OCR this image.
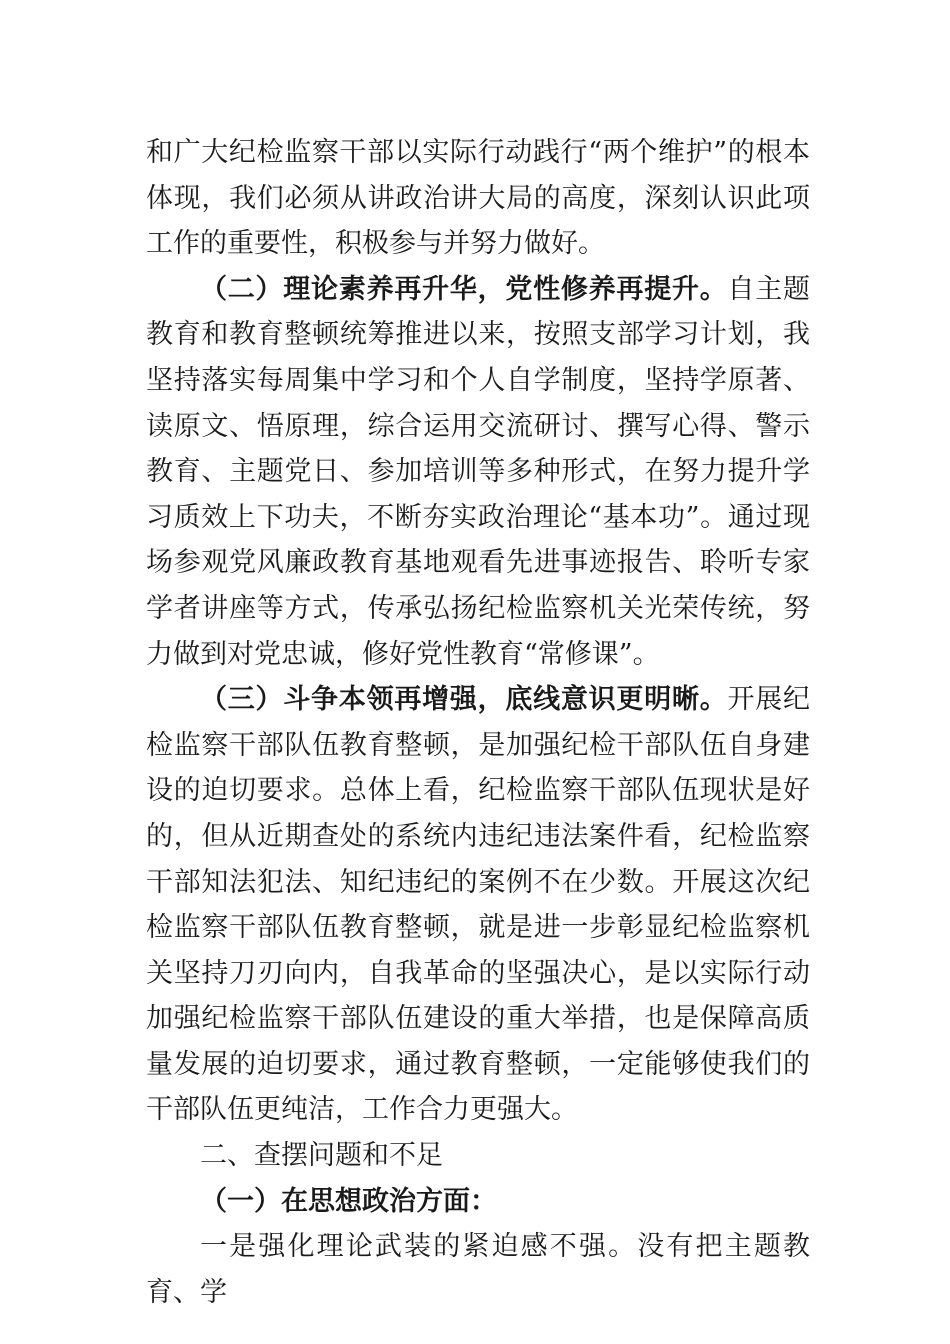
和广大纪检监察干部以实际行动践行“两个维护”的根本体现，我们必须从讲政治讲大局的高度，深刻认识此项工作的重要性，积极参与并努力做好。

（二）理论素养再升华，党性修养再提升。自主题教育和教育整顿统筹推进以来，按照支部学习计划，我坚持落实每周集中学习和个人自学制度，坚持学原著、读原文、悟原理，综合运用交流研讨、撰写心得、警示教育、主题党日、参加培训等多种形式，在努力提升学习质效上下功夫，不断夯实政治理论“基本功”。通过现场参观党风廉政教育基地观看先进事迹报告、聆听专家学者讲座等方式，传承弘扬纪检监察机关光荣传统，努力做到对党忠诚，修好党性教育“常修课”。

（三）斗争本领再增强，底线意识更明晰。开展纪检监察干部队伍教育整顿，是加强纪检干部队伍自身建设的迫切要求。总体上看，纪检监察干部队伍现状是好的，但从近期查处的系统内违纪违法案件看，纪检监察干部知法犯法、知纪违纪的案例不在少数。开展这次纪检监察干部队伍教育整顿，就是进一步彰显纪检监察机关坚持刀刃向内，自我革命的坚强决心，是以实际行动加强纪检监察干部队伍建设的重大举措，也是保障高质量发展的迫切要求，通过教育整顿，一定能够使我们的干部队伍更纯洁，工作合力更强大。

二、查摆问题和不足

（一）在思想政治方面：

一是强化理论武装的紧迫感不强。没有把主题教育、学
